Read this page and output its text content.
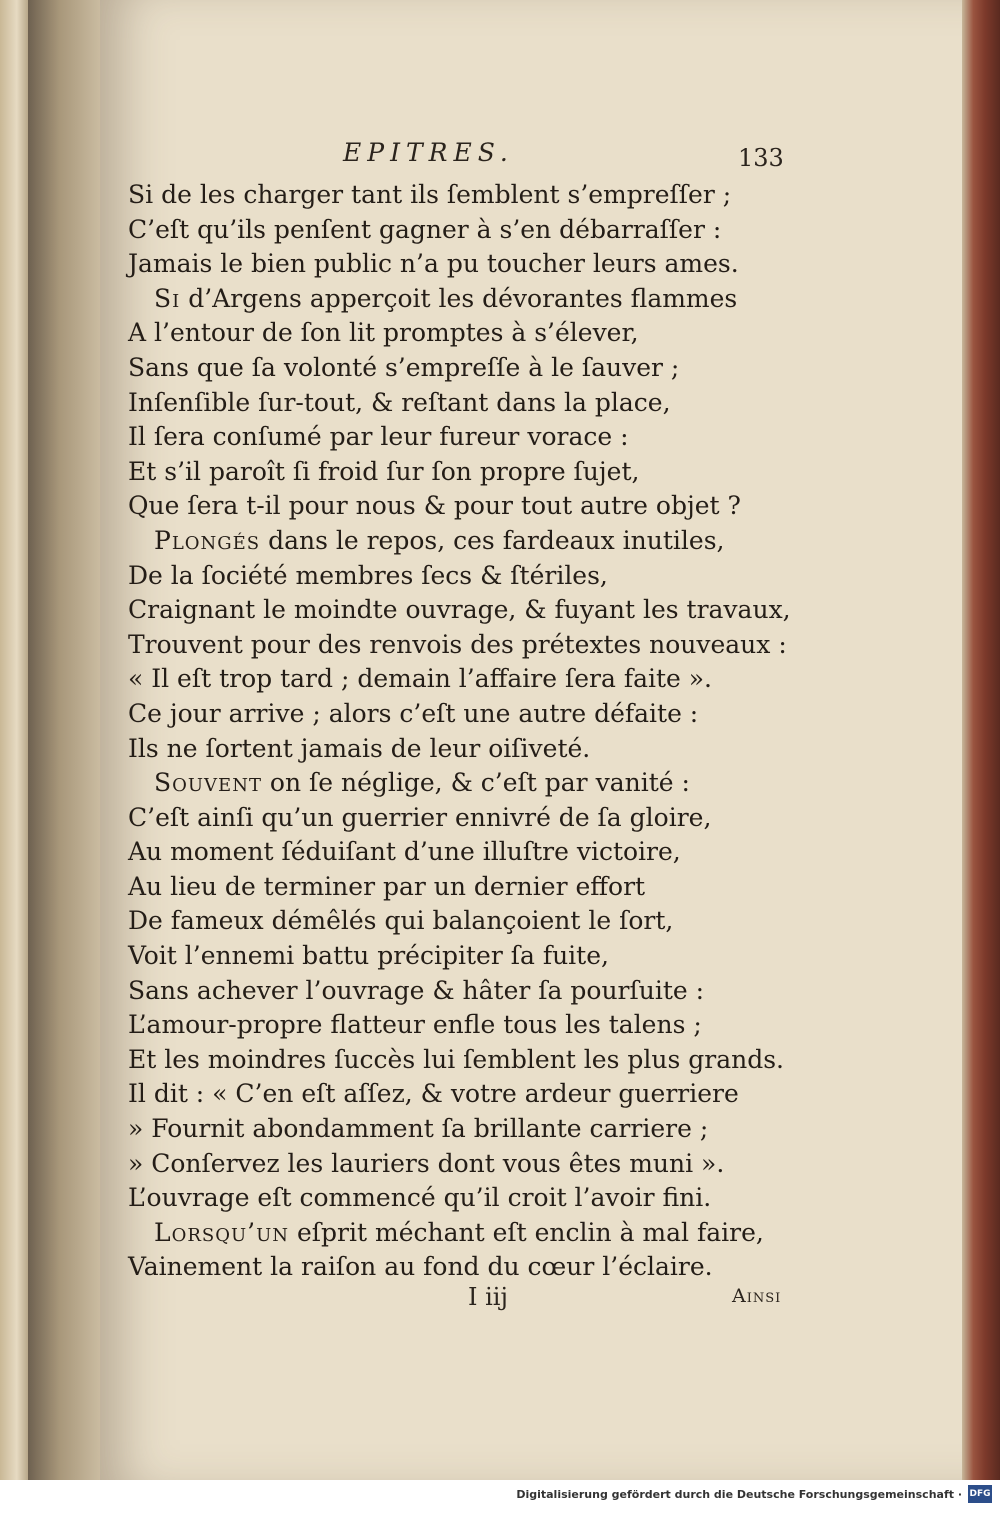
EPITRES.	133
Si de les charger tant ils ſemblent s’empreſſer ;
C’eſt qu’ils penſent gagner à s’en débarraſſer :
Jamais le bien public n’a pu toucher leurs ames.
Si d’Argens apperçoit les dévorantes flammes
A l’entour de ſon lit promptes à s’élever,
Sans que ſa volonté s’empreſſe à le ſauver ;
Inſenſible ſur-tout, & reſtant dans la place,
Il ſera conſumé par leur fureur vorace :
Et s’il paroît ſi froid ſur ſon propre ſujet,
Que ſera t-il pour nous & pour tout autre objet ?
Plongés dans le repos, ces fardeaux inutiles,
De la ſociété membres ſecs & ſtériles,
Craignant le moindte ouvrage, & fuyant les travaux,
Trouvent pour des renvois des prétextes nouveaux :
« Il eſt trop tard ; demain l’affaire ſera faite ».
Ce jour arrive ; alors c’eſt une autre défaite :
Ils ne ſortent jamais de leur oiſiveté.
Souvent on ſe néglige, & c’eſt par vanité :
C’eſt ainſi qu’un guerrier ennivré de ſa gloire,
Au moment ſéduiſant d’une illuſtre victoire,
Au lieu de terminer par un dernier effort
De fameux démêlés qui balançoient le ſort,
Voit l’ennemi battu précipiter ſa fuite,
Sans achever l’ouvrage & hâter ſa pourſuite :
L’amour-propre flatteur enfle tous les talens ;
Et les moindres ſuccès lui ſemblent les plus grands.
Il dit : « C’en eſt aſſez, & votre ardeur guerriere
» Fournit abondamment ſa brillante carriere ;
» Conſervez les lauriers dont vous êtes muni ».
L’ouvrage eſt commencé qu’il croit l’avoir fini.
Lorsqu’un eſprit méchant eſt enclin à mal faire,
Vainement la raiſon au fond du cœur l’éclaire.
I iij	Ainsi
Digitalisierung gefördert durch die Deutsche Forschungsgemeinschaft · DFG
